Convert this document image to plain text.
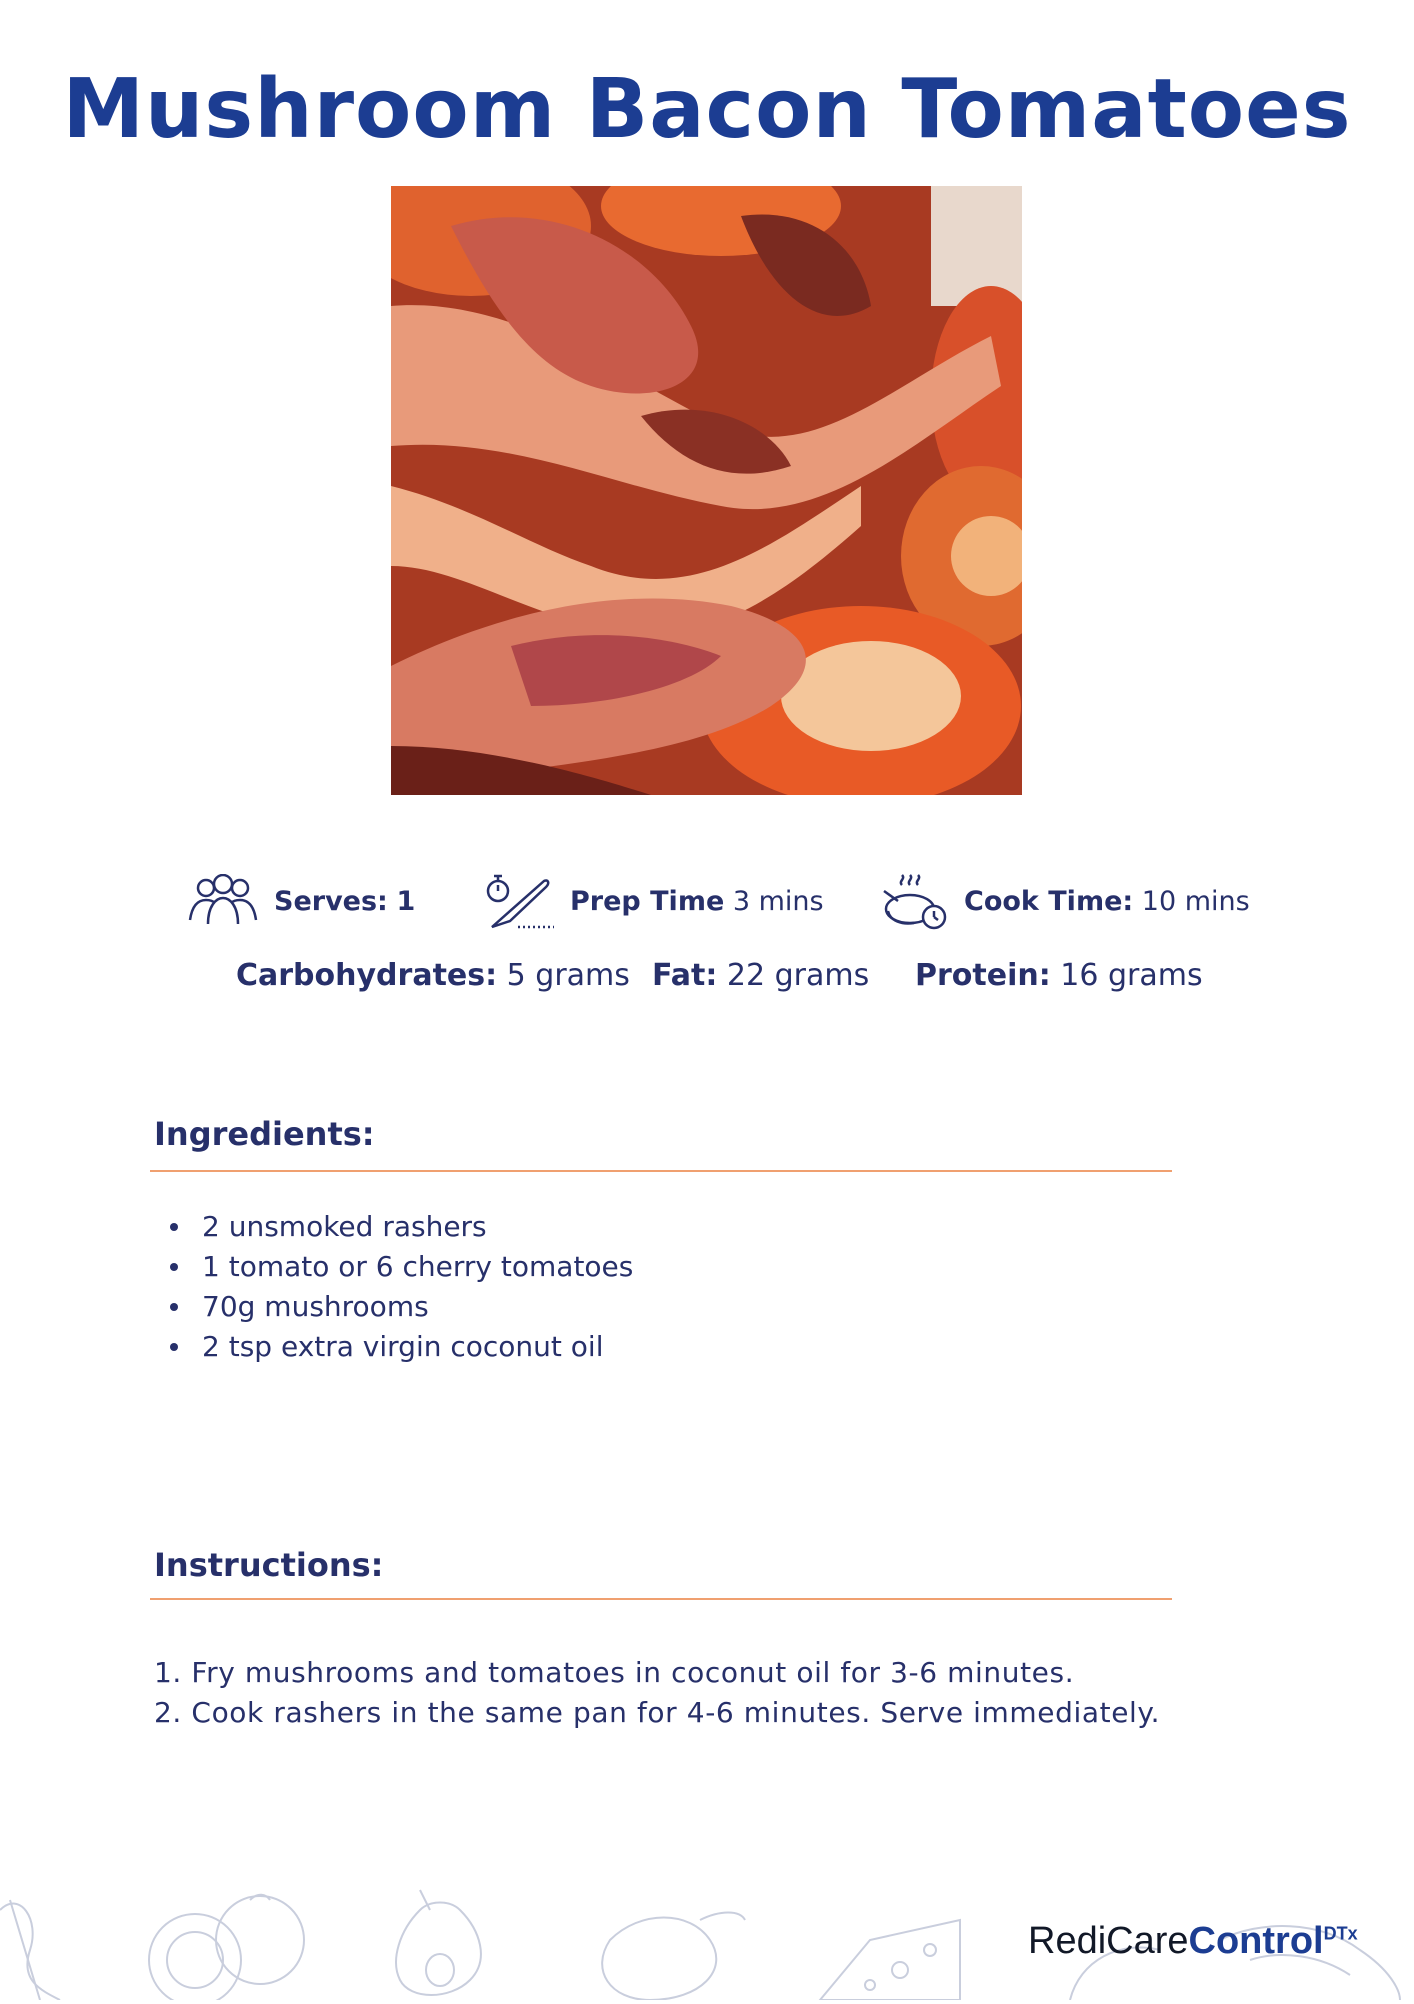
Mushroom Bacon Tomatoes
Serves: 1	Prep Time 3 mins	Cook Time: 10 mins
Carbohydrates: 5 grams Fat: 22 grams Protein: 16 grams
Ingredients:
2 unsmoked rashers
1 tomato or 6 cherry tomatoes
70g mushrooms
2 tsp extra virgin coconut oil
Instructions:
1. Fry mushrooms and tomatoes in coconut oil for 3-6 minutes.
2. Cook rashers in the same pan for 4-6 minutes. Serve immediately.
RediCareControl$^{DTx}$
